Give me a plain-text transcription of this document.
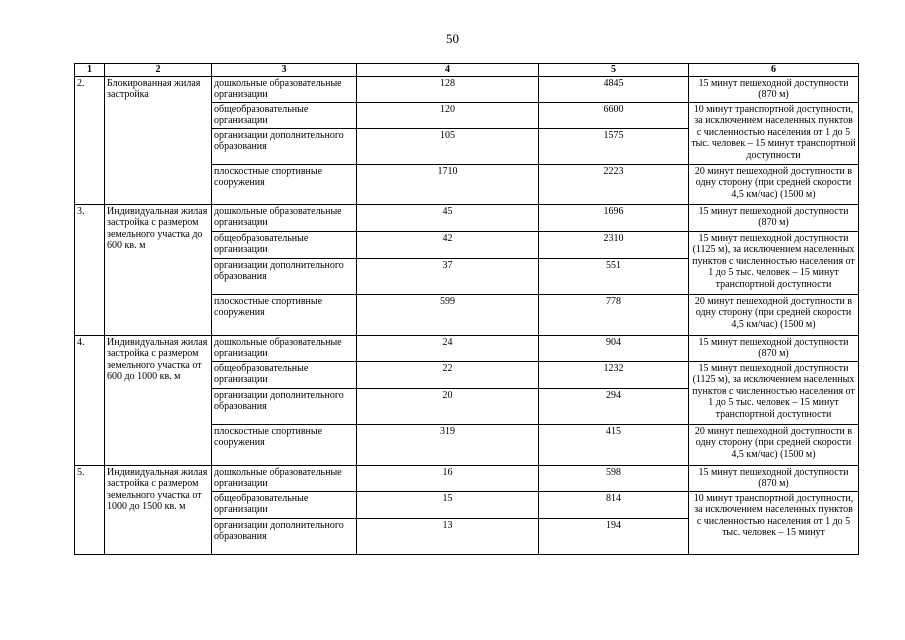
50
1	2	3	4	5	6
2.	Блокированная жилая застройка	дошкольные образовательные организации	128	4845	15 минут пешеходной доступности (870 м)
		общеобразовательные организации	120	6600	10 минут транспортной доступности, за исключением населенных пунктов с численностью населения от 1 до 5 тыс. человек – 15 минут транспортной доступности
		организации дополнительного образования	105	1575	
		плоскостные спортивные сооружения	1710	2223	20 минут пешеходной доступности в одну сторону (при средней скорости 4,5 км/час) (1500 м)
3.	Индивидуальная жилая застройка с размером земельного участка до 600 кв. м	дошкольные образовательные организации	45	1696	15 минут пешеходной доступности (870 м)
		общеобразовательные организации	42	2310	15 минут пешеходной доступности (1125 м), за исключением населенных пунктов с численностью населения от 1 до 5 тыс. человек – 15 минут транспортной доступности
		организации дополнительного образования	37	551	
		плоскостные спортивные сооружения	599	778	20 минут пешеходной доступности в одну сторону (при средней скорости 4,5 км/час) (1500 м)
4.	Индивидуальная жилая застройка с размером земельного участка от 600 до 1000 кв. м	дошкольные образовательные организации	24	904	15 минут пешеходной доступности (870 м)
		общеобразовательные организации	22	1232	15 минут пешеходной доступности (1125 м), за исключением населенных пунктов с численностью населения от 1 до 5 тыс. человек – 15 минут транспортной доступности
		организации дополнительного образования	20	294	
		плоскостные спортивные сооружения	319	415	20 минут пешеходной доступности в одну сторону (при средней скорости 4,5 км/час) (1500 м)
5.	Индивидуальная жилая застройка с размером земельного участка от 1000 до 1500 кв. м	дошкольные образовательные организации	16	598	15 минут пешеходной доступности (870 м)
		общеобразовательные организации	15	814	10 минут транспортной доступности, за исключением населенных пунктов с численностью населения от 1 до 5 тыс. человек – 15 минут
		организации дополнительного образования	13	194	
